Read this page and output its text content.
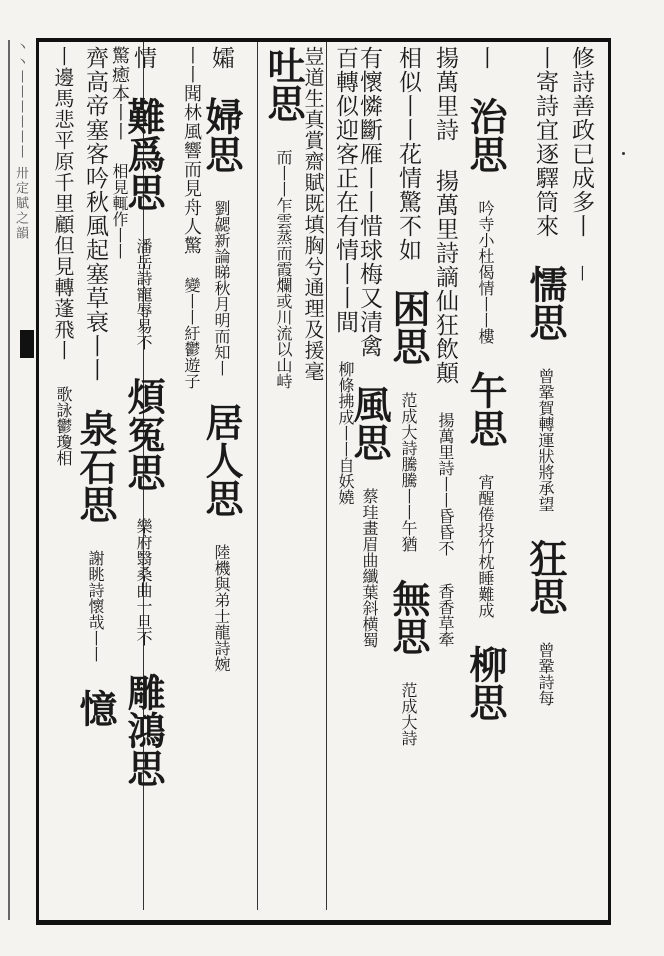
丶丶丨丨丨丨丨丨 卅定賦之韻	修詩善政已成多丨 丨
丨寄詩宜逐驛筒來 懦思 曾鞏賀轉運狀將承望 狂思 曾鞏詩每
丨 治思 吟寺小杜偈情丨丨樓 午思 宵醒倦投竹枕睡難成 柳思
揚萬里詩 揚萬里詩謫仙狂飲顛 揚萬里詩丨丨昏昏不 香香草牽
相似丨丨花情驚不如 困思 范成大詩騰騰丨丨午猶 無思 范成大詩
有懷憐斷雁丨丨惜球梅又清禽 風思 蔡珪畫眉曲纖葉斜横蜀
百轉似迎客正在有情丨丨間 柳條拂成丨丨自妖嬈
吐思 而丨丨乍雲蒸而霞爛或川流以山峙 豈道生真賞齋賦既填胸兮通理及援毫
孀 婦思 劉勰新論睇秋月明而知丨 居人思 陸機與弟士龍詩婉
丨丨聞林風響而見舟人驚 變丨丨紆鬱遊子
情 難爲思 潘岳詩寵辱易不 煩冤思 樂府翳桑曲一旦不 雕鴻思
驚癒本丨丨 相見輒作丨丨
齊高帝塞客吟秋風起塞草衰丨丨 泉石思 謝眺詩懷哉丨丨 憶
丨邊馬悲平原千里顧但見轉蓬飛丨 歌詠鬱瓊相
